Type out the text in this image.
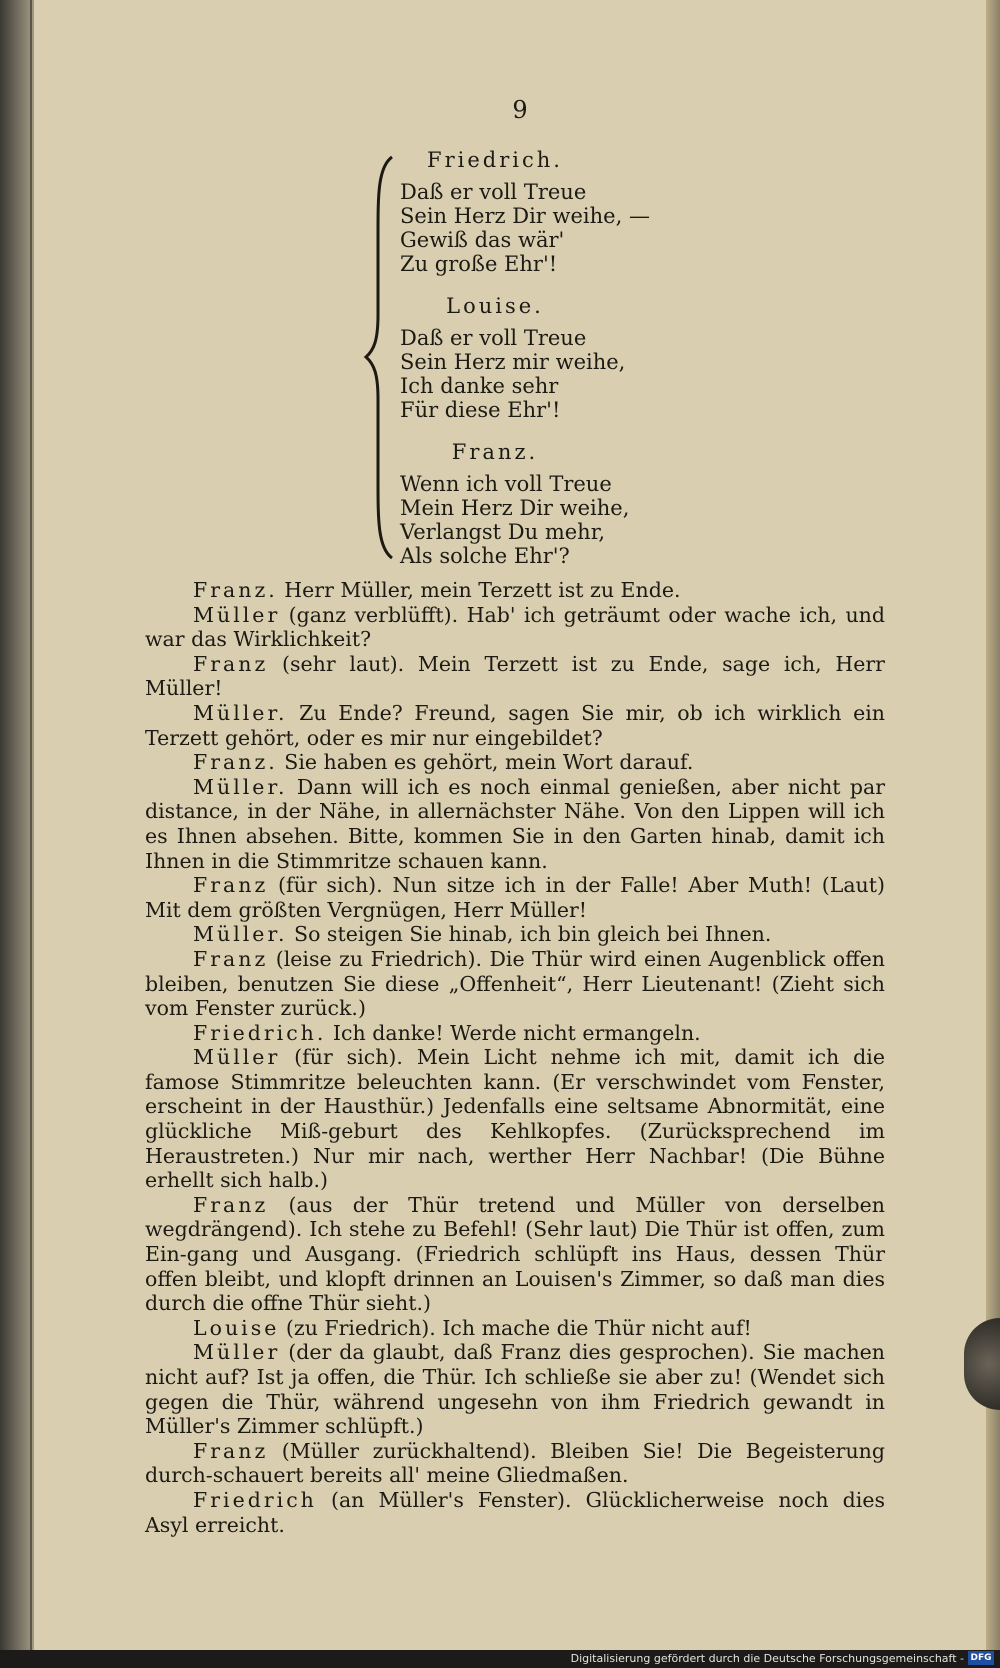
9

Friedrich.

Daß er voll Treue

Sein Herz Dir weihe, —

Gewiß das wär'

Zu große Ehr'!

Louise.

Daß er voll Treue

Sein Herz mir weihe,

Ich danke sehr

Für diese Ehr'!

Franz.

Wenn ich voll Treue

Mein Herz Dir weihe,

Verlangst Du mehr,

Als solche Ehr'?

Franz. Herr Müller, mein Terzett ist zu Ende.

Müller (ganz verblüfft). Hab' ich geträumt oder wache ich, und war das Wirklichkeit?

Franz (sehr laut). Mein Terzett ist zu Ende, sage ich, Herr Müller!

Müller. Zu Ende? Freund, sagen Sie mir, ob ich wirklich ein Terzett gehört, oder es mir nur eingebildet?

Franz. Sie haben es gehört, mein Wort darauf.

Müller. Dann will ich es noch einmal genießen, aber nicht par distance, in der Nähe, in allernächster Nähe. Von den Lippen will ich es Ihnen absehen. Bitte, kommen Sie in den Garten hinab, damit ich Ihnen in die Stimmritze schauen kann.

Franz (für sich). Nun sitze ich in der Falle! Aber Muth! (Laut) Mit dem größten Vergnügen, Herr Müller!

Müller. So steigen Sie hinab, ich bin gleich bei Ihnen.

Franz (leise zu Friedrich). Die Thür wird einen Augenblick offen bleiben, benutzen Sie diese „Offenheit“, Herr Lieutenant! (Zieht sich vom Fenster zurück.)

Friedrich. Ich danke! Werde nicht ermangeln.

Müller (für sich). Mein Licht nehme ich mit, damit ich die famose Stimmritze beleuchten kann. (Er verschwindet vom Fenster, erscheint in der Hausthür.) Jedenfalls eine seltsame Abnormität, eine glückliche Miß-geburt des Kehlkopfes. (Zurücksprechend im Heraustreten.) Nur mir nach, werther Herr Nachbar! (Die Bühne erhellt sich halb.)

Franz (aus der Thür tretend und Müller von derselben wegdrängend). Ich stehe zu Befehl! (Sehr laut) Die Thür ist offen, zum Ein-gang und Ausgang. (Friedrich schlüpft ins Haus, dessen Thür offen bleibt, und klopft drinnen an Louisen's Zimmer, so daß man dies durch die offne Thür sieht.)

Louise (zu Friedrich). Ich mache die Thür nicht auf!

Müller (der da glaubt, daß Franz dies gesprochen). Sie machen nicht auf? Ist ja offen, die Thür. Ich schließe sie aber zu! (Wendet sich gegen die Thür, während ungesehn von ihm Friedrich gewandt in Müller's Zimmer schlüpft.)

Franz (Müller zurückhaltend). Bleiben Sie! Die Begeisterung durch-schauert bereits all' meine Gliedmaßen.

Friedrich (an Müller's Fenster). Glücklicherweise noch dies Asyl erreicht.

Digitalisierung gefördert durch die Deutsche Forschungsgemeinschaft - DFG
